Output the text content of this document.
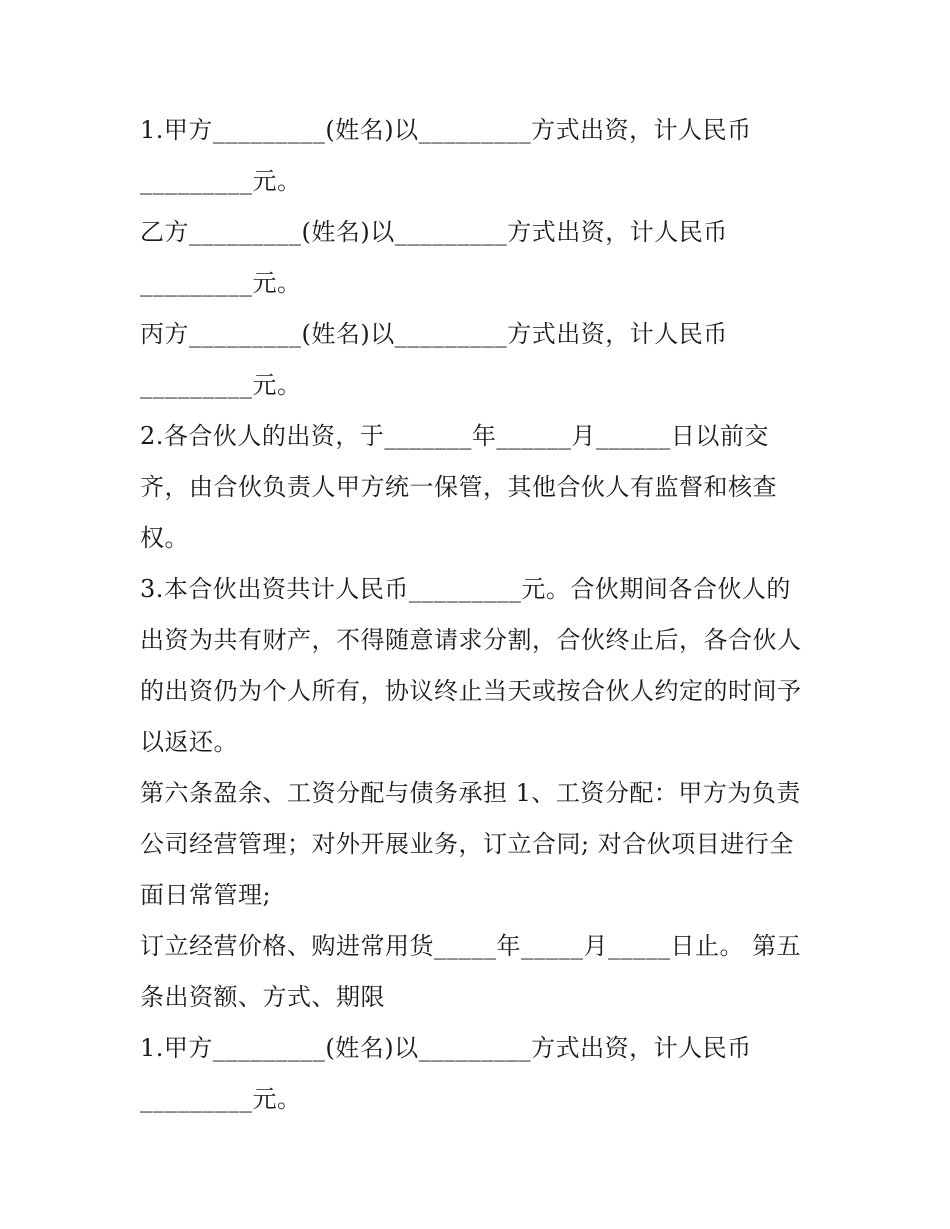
1.甲方_________(姓名)以_________方式出资，计人民币
_________元。
乙方_________(姓名)以_________方式出资，计人民币
_________元。
丙方_________(姓名)以_________方式出资，计人民币
_________元。
2.各合伙人的出资，于_______年______月______日以前交
齐，由合伙负责人甲方统一保管，其他合伙人有监督和核查
权。
3.本合伙出资共计人民币_________元。合伙期间各合伙人的
出资为共有财产，不得随意请求分割，合伙终止后，各合伙人
的出资仍为个人所有，协议终止当天或按合伙人约定的时间予
以返还。
第六条盈余、工资分配与债务承担 1、工资分配：甲方为负责
公司经营管理；对外开展业务，订立合同; 对合伙项目进行全
面日常管理;
订立经营价格、购进常用货_____年_____月_____日止。 第五
条出资额、方式、期限
1.甲方_________(姓名)以_________方式出资，计人民币
_________元。
